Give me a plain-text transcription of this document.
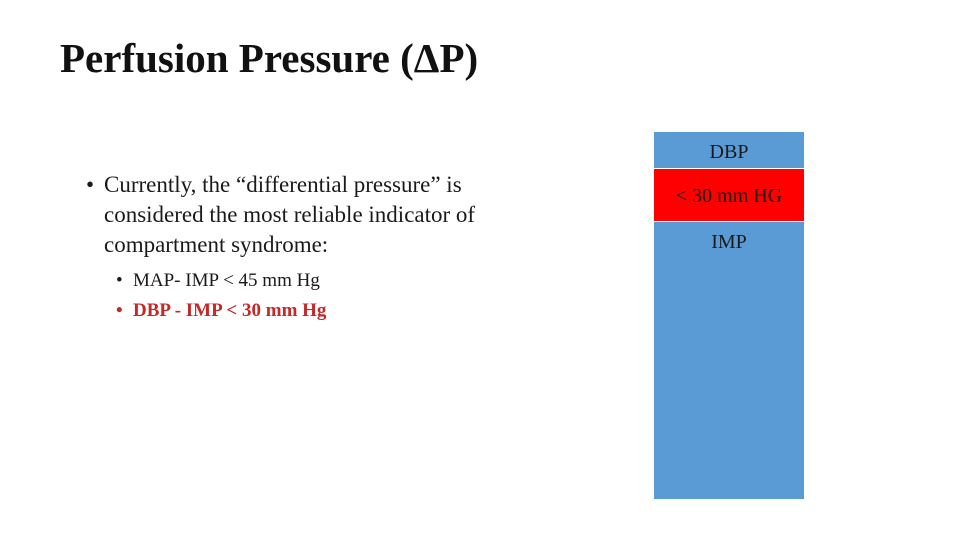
Perfusion Pressure (ΔP)
• Currently, the “differential pressure” is considered the most reliable indicator of compartment syndrome:
• MAP- IMP < 45 mm Hg
• DBP - IMP < 30 mm Hg
DBP
< 30 mm HG
IMP
